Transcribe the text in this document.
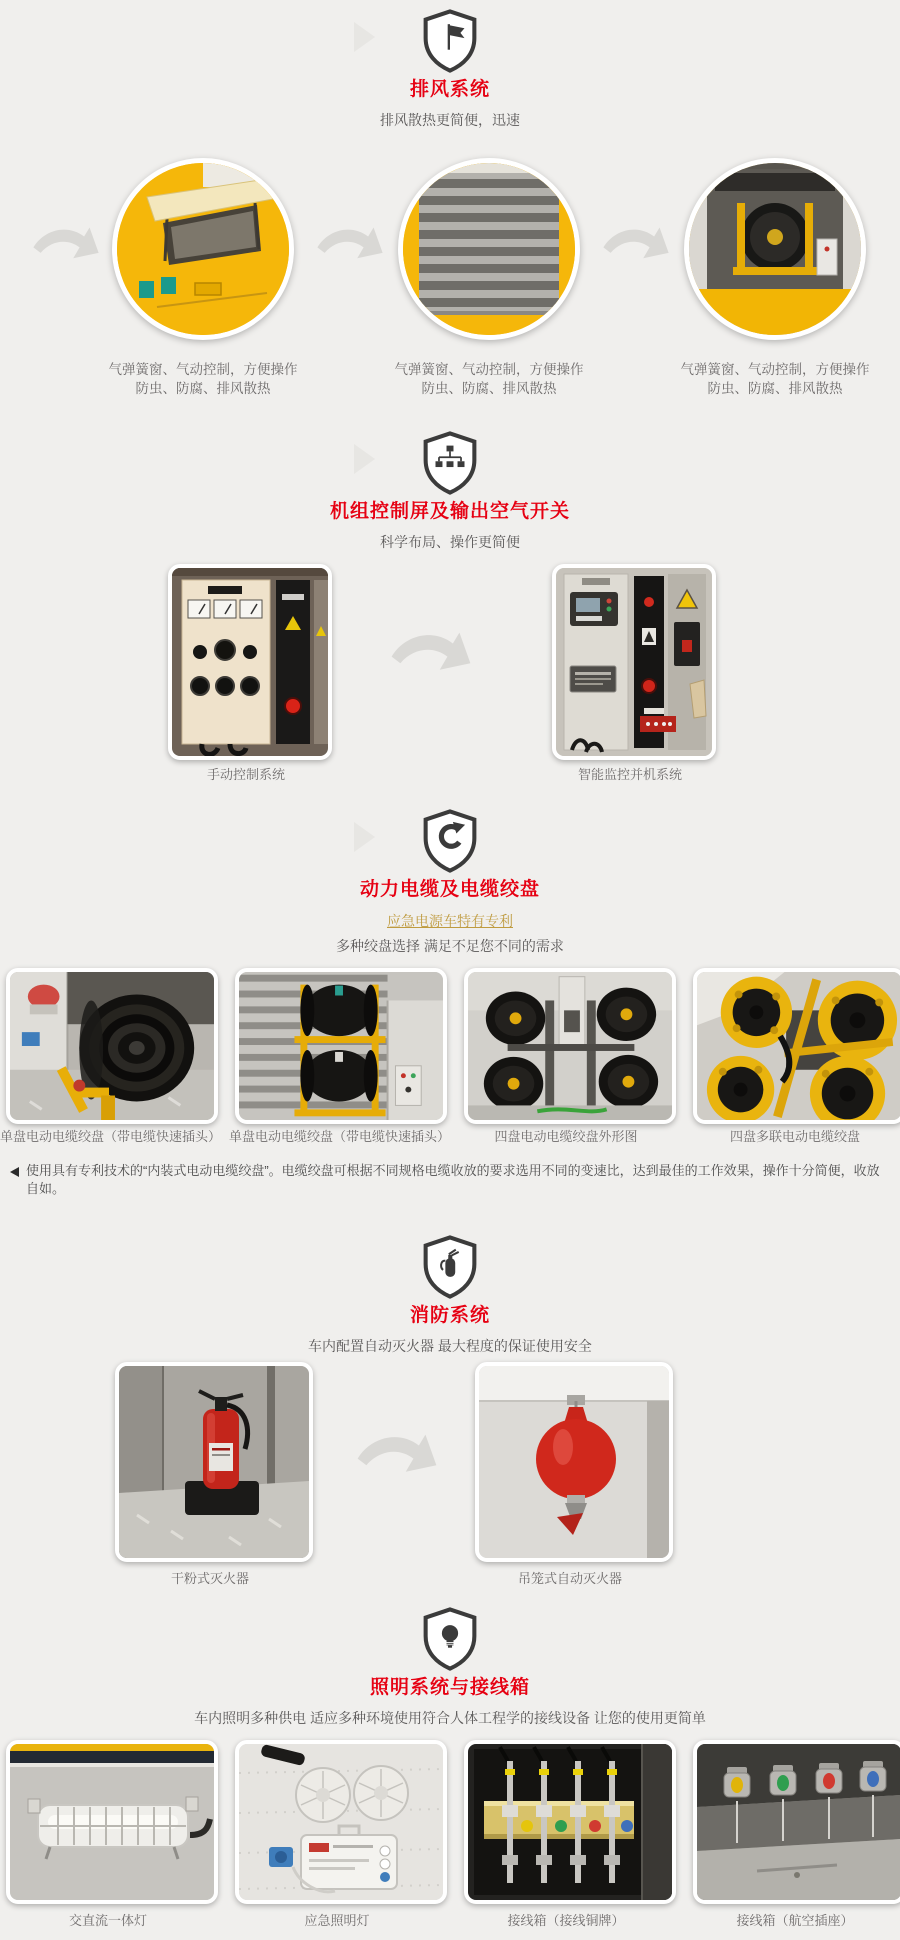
排风系统

排风散热更简便，迅速

气弹簧窗、气动控制，方便操作
防虫、防腐、排风散热
气弹簧窗、气动控制，方便操作
防虫、防腐、排风散热
气弹簧窗、气动控制，方便操作
防虫、防腐、排风散热
机组控制屏及输出空气开关

科学布局、操作更简便

手动控制系统	智能监控并机系统
动力电缆及电缆绞盘
应急电源车特有专利

多种绞盘选择 满足不足您不同的需求

单盘电动电缆绞盘（带电缆快速插头） 单盘电动电缆绞盘（带电缆快速插头）	四盘电动电缆绞盘外形图	四盘多联电动电缆绞盘
使用具有专利技术的“内装式电动电缆绞盘”。电缆绞盘可根据不同规格电缆收放的要求选用不同的变速比，达到最佳的工作效果，操作十分简便，收放自如。
消防系统

车内配置自动灭火器 最大程度的保证使用安全

干粉式灭火器	吊笼式自动灭火器
照明系统与接线箱

车内照明多种供电 适应多种环境使用符合人体工程学的接线设备 让您的使用更简单

交直流一体灯	应急照明灯	接线箱（接线铜牌）	接线箱（航空插座）
